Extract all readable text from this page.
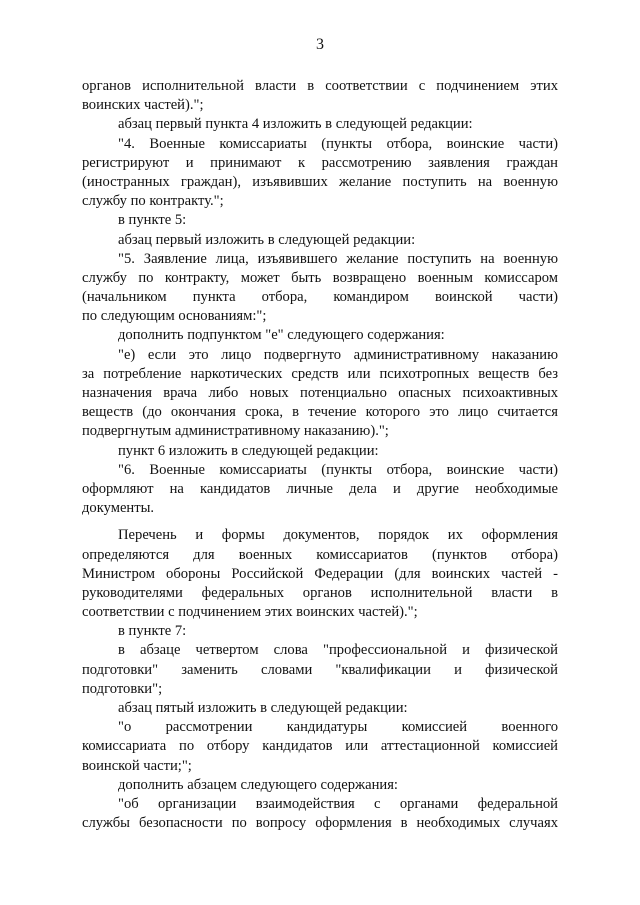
3
органов исполнительной власти в соответствии с подчинением этих
воинских частей).";
абзац первый пункта 4 изложить в следующей редакции:
"4. Военные комиссариаты (пункты отбора, воинские части)
регистрируют и принимают к рассмотрению заявления граждан
(иностранных граждан), изъявивших желание поступить на военную
службу по контракту.";
в пункте 5:
абзац первый изложить в следующей редакции:
"5. Заявление лица, изъявившего желание поступить на военную
службу по контракту, может быть возвращено военным комиссаром
(начальником пункта отбора, командиром воинской части)
по следующим основаниям:";
дополнить подпунктом "е" следующего содержания:
"е) если это лицо подвергнуто административному наказанию
за потребление наркотических средств или психотропных веществ без
назначения врача либо новых потенциально опасных психоактивных
веществ (до окончания срока, в течение которого это лицо считается
подвергнутым административному наказанию).";
пункт 6 изложить в следующей редакции:
"6. Военные комиссариаты (пункты отбора, воинские части)
оформляют на кандидатов личные дела и другие необходимые
документы.
Перечень и формы документов, порядок их оформления
определяются для военных комиссариатов (пунктов отбора)
Министром обороны Российской Федерации (для воинских частей -
руководителями федеральных органов исполнительной власти в
соответствии с подчинением этих воинских частей).";
в пункте 7:
в абзаце четвертом слова "профессиональной и физической
подготовки" заменить словами "квалификации и физической
подготовки";
абзац пятый изложить в следующей редакции:
"о рассмотрении кандидатуры комиссией военного
комиссариата по отбору кандидатов или аттестационной комиссией
воинской части;";
дополнить абзацем следующего содержания:
"об организации взаимодействия с органами федеральной
службы безопасности по вопросу оформления в необходимых случаях
